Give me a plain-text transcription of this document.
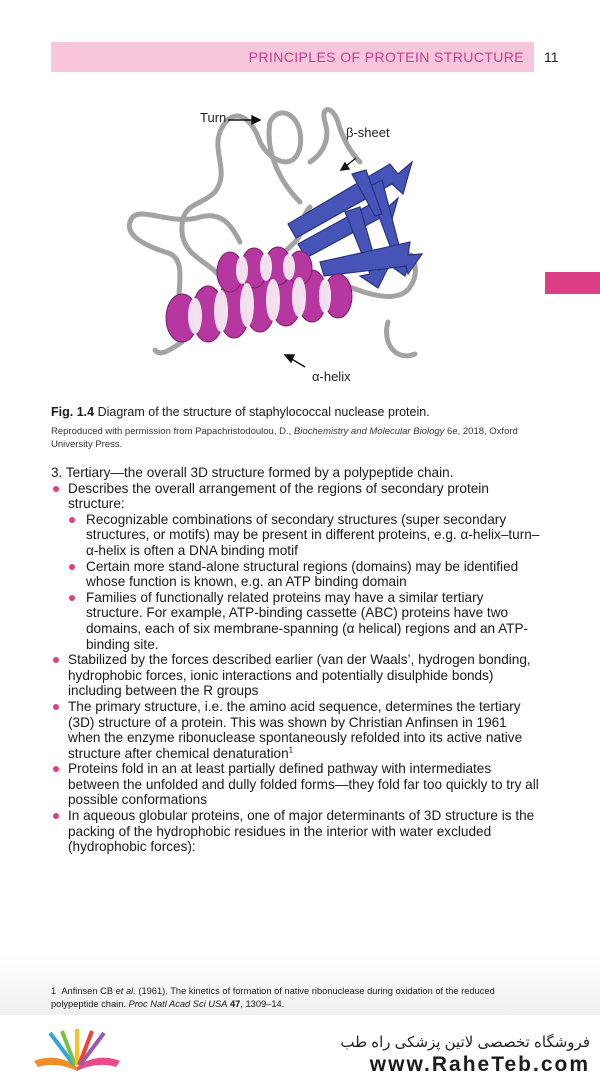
PRINCIPLES OF PROTEIN STRUCTURE 11
Turn
β-sheet
α-helix
Fig. 1.4 Diagram of the structure of staphylococcal nuclease protein.
Reproduced with permission from Papachristodoulou, D., Biochemistry and Molecular Biology 6e, 2018, Oxford University Press.

3. Tertiary—the overall 3D structure formed by a polypeptide chain.

Describes the overall arrangement of the regions of secondary protein structure:

Recognizable combinations of secondary structures (super secondary structures, or motifs) may be present in different proteins, e.g. α-helix–turn–α-helix is often a DNA binding motif

Certain more stand-alone structural regions (domains) may be identified whose function is known, e.g. an ATP binding domain

Families of functionally related proteins may have a similar tertiary structure. For example, ATP-binding cassette (ABC) proteins have two domains, each of six membrane-spanning (α helical) regions and an ATP-binding site.

Stabilized by the forces described earlier (van der Waals’, hydrogen bonding, hydrophobic forces, ionic interactions and potentially disulphide bonds) including between the R groups

The primary structure, i.e. the amino acid sequence, determines the tertiary (3D) structure of a protein. This was shown by Christian Anfinsen in 1961 when the enzyme ribonuclease spontaneously refolded into its active native structure after chemical denaturation$^1$

Proteins fold in an at least partially defined pathway with intermediates between the unfolded and dully folded forms—they fold far too quickly to try all possible conformations

In aqueous globular proteins, one of major determinants of 3D structure is the packing of the hydrophobic residues in the interior with water excluded (hydrophobic forces):

1 Anfinsen CB et al. (1961). The kinetics of formation of native ribonuclease during oxidation of the reduced polypeptide chain. Proc Natl Acad Sci USA 47, 1309–14.
فروشگاه تخصصی لاتین پزشکی راه طب
www.RaheTeb.com
